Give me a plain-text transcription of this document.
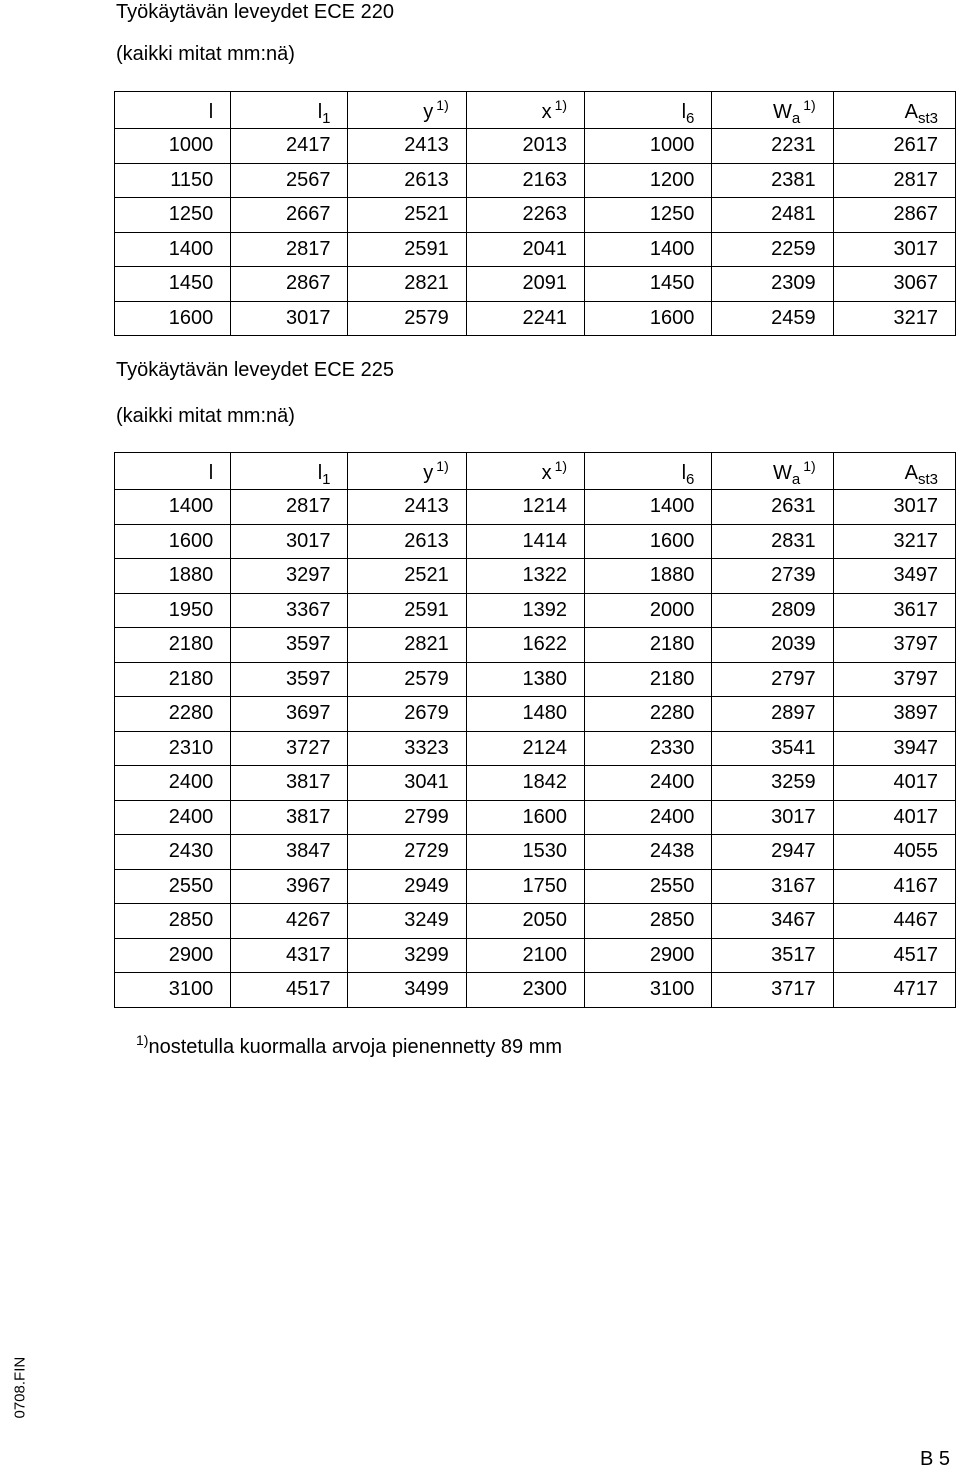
Työkäytävän leveydet ECE 220
(kaikki mitat mm:nä)
l	$l_1$	y $^{1)}$	x $^{1)}$	$l_6$	$W_a^{1)}$	$A_{st3}$
1000	2417	2413	2013	1000	2231	2617
1150	2567	2613	2163	1200	2381	2817
1250	2667	2521	2263	1250	2481	2867
1400	2817	2591	2041	1400	2259	3017
1450	2867	2821	2091	1450	2309	3067
1600	3017	2579	2241	1600	2459	3217
Työkäytävän leveydet ECE 225
(kaikki mitat mm:nä)
l	$l_1$	y $^{1)}$	x $^{1)}$	$l_6$	$W_a^{1)}$	$A_{st3}$
1400	2817	2413	1214	1400	2631	3017
1600	3017	2613	1414	1600	2831	3217
1880	3297	2521	1322	1880	2739	3497
1950	3367	2591	1392	2000	2809	3617
2180	3597	2821	1622	2180	2039	3797
2180	3597	2579	1380	2180	2797	3797
2280	3697	2679	1480	2280	2897	3897
2310	3727	3323	2124	2330	3541	3947
2400	3817	3041	1842	2400	3259	4017
2400	3817	2799	1600	2400	3017	4017
2430	3847	2729	1530	2438	2947	4055
2550	3967	2949	1750	2550	3167	4167
2850	4267	3249	2050	2850	3467	4467
2900	4317	3299	2100	2900	3517	4517
3100	4517	3499	2300	3100	3717	4717
$^{1)}$nostetulla kuormalla arvoja pienennetty 89 mm
0708.FIN
B 5
